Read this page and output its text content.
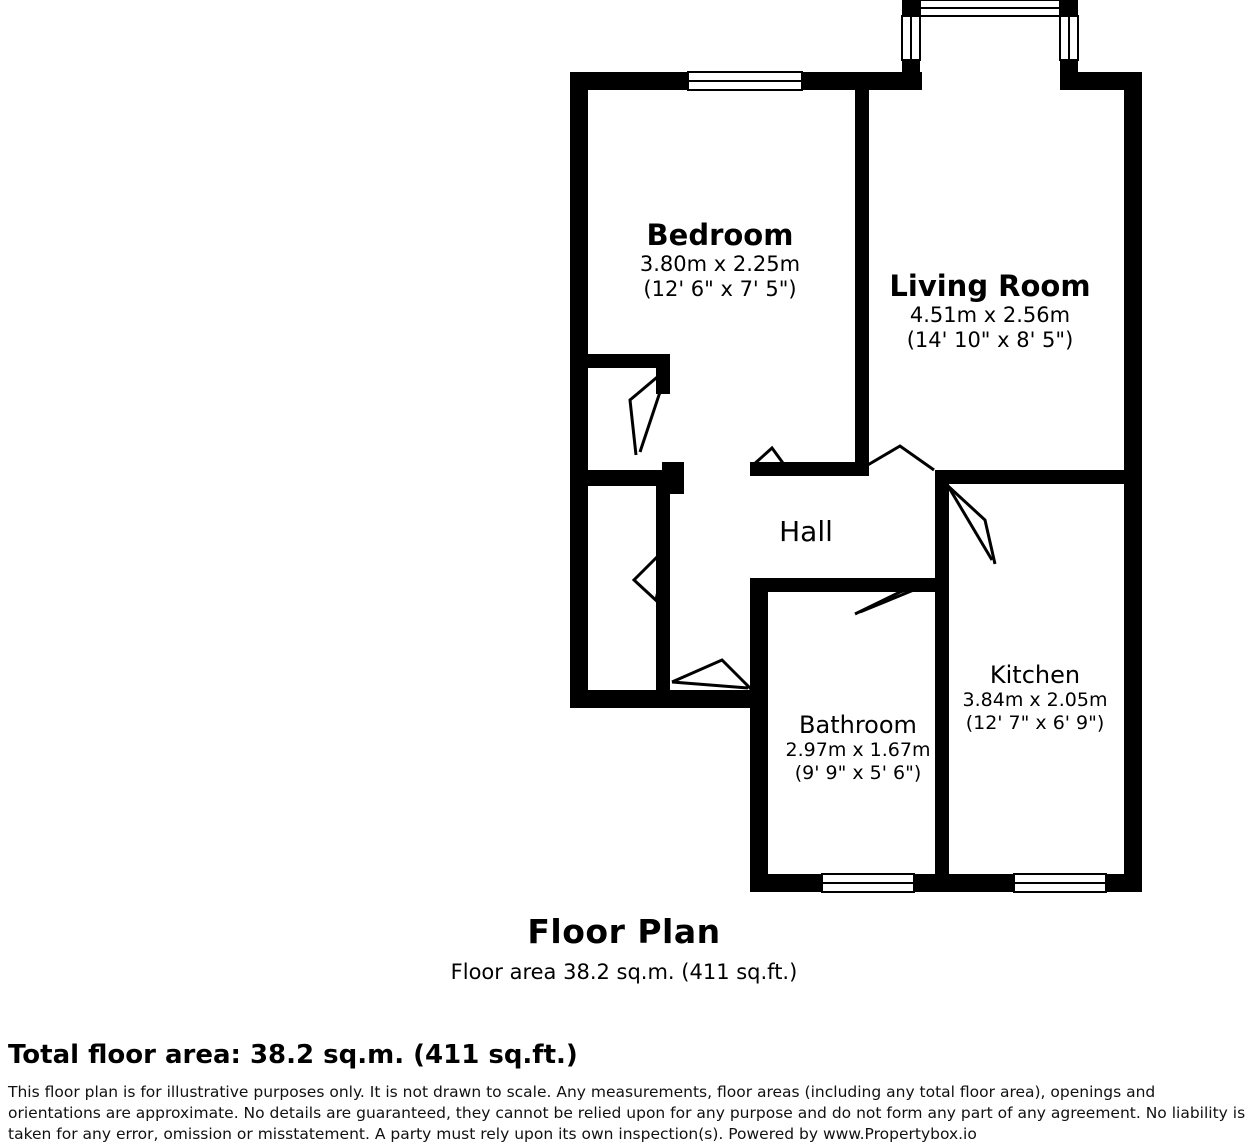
Bedroom
3.80m x 2.25m
(12' 6" x 7' 5")	Living Room
4.51m x 2.56m
(14' 10" x 8' 5")
Hall
Kitchen
3.84m x 2.05m
(12' 7" x 6' 9")
Bathroom
2.97m x 1.67m
(9' 9" x 5' 6")
Floor Plan
Floor area 38.2 sq.m. (411 sq.ft.)
Total floor area: 38.2 sq.m. (411 sq.ft.)
This floor plan is for illustrative purposes only. It is not drawn to scale. Any measurements, floor areas (including any total floor area), openings and orientations are approximate. No details are guaranteed, they cannot be relied upon for any purpose and do not form any part of any agreement. No liability is taken for any error, omission or misstatement. A party must rely upon its own inspection(s). Powered by www.Propertybox.io
